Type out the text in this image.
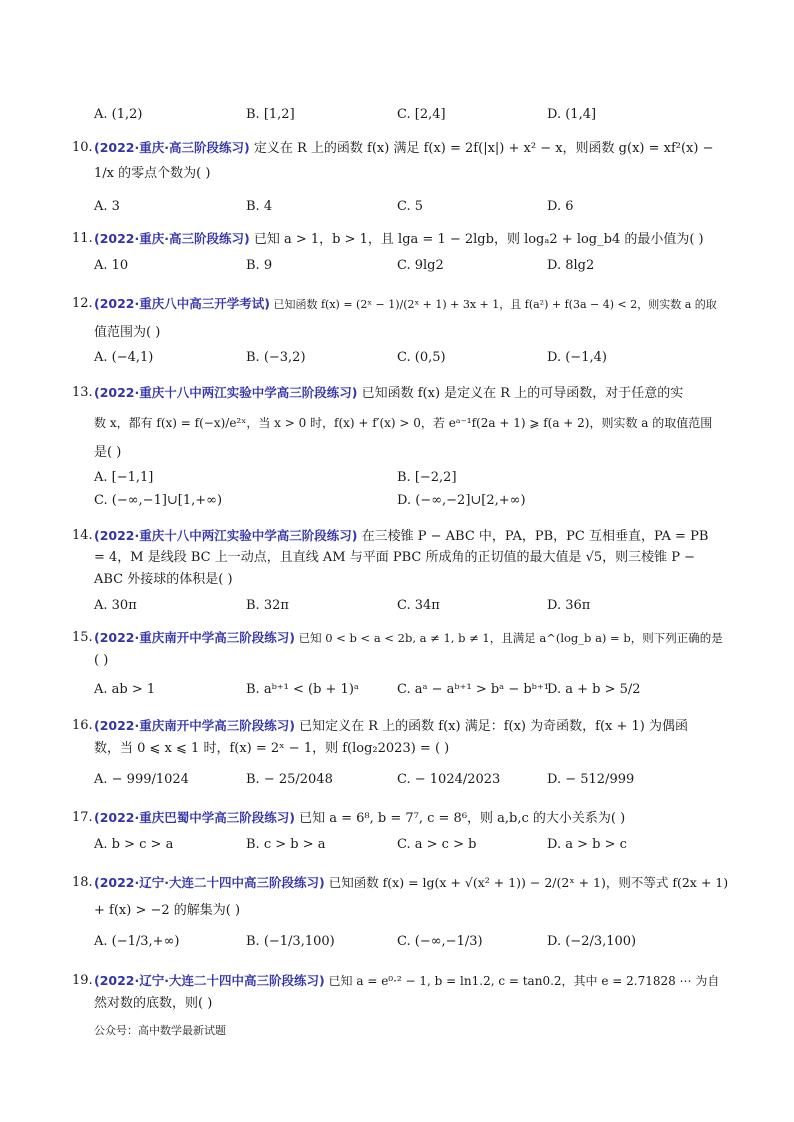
A. (1,2)	B. [1,2]	C. [2,4]	D. (1,4]
10. (2022·重庆·高三阶段练习) 定义在 R 上的函数 f(x) 满足 f(x) = 2f(|x|) + x² − x，则函数 g(x) = xf²(x) −
1/x 的零点个数为( )
A. 3	B. 4	C. 5	D. 6
11. (2022·重庆·高三阶段练习) 已知 a > 1，b > 1，且 lga = 1 − 2lgb，则 logₐ2 + log_b4 的最小值为( )
A. 10	B. 9	C. 9lg2	D. 8lg2
12. (2022·重庆八中高三开学考试) 已知函数 f(x) = (2ˣ − 1)/(2ˣ + 1) + 3x + 1，且 f(a²) + f(3a − 4) < 2，则实数 a 的取
值范围为( )
A. (−4,1)	B. (−3,2)	C. (0,5)	D. (−1,4)
13. (2022·重庆十八中两江实验中学高三阶段练习) 已知函数 f(x) 是定义在 R 上的可导函数，对于任意的实
数 x，都有 f(x) = f(−x)/e²ˣ，当 x > 0 时，f(x) + f′(x) > 0，若 eᵃ⁻¹f(2a + 1) ⩾ f(a + 2)，则实数 a 的取值范围
是( )
A. [−1,1]	B. [−2,2]
C. (−∞,−1]∪[1,+∞)	D. (−∞,−2]∪[2,+∞)
14. (2022·重庆十八中两江实验中学高三阶段练习) 在三棱锥 P − ABC 中，PA，PB，PC 互相垂直，PA = PB
= 4，M 是线段 BC 上一动点，且直线 AM 与平面 PBC 所成角的正切值的最大值是 √5，则三棱锥 P −
ABC 外接球的体积是( )
A. 30π	B. 32π	C. 34π	D. 36π
15. (2022·重庆南开中学高三阶段练习) 已知 0 < b < a < 2b, a ≠ 1, b ≠ 1，且满足 a^(log_b a) = b，则下列正确的是
( )
A. ab > 1	B. aᵇ⁺¹ < (b + 1)ᵃ	C. aᵃ − aᵇ⁺¹ > bᵃ − bᵇ⁺¹
D. a + b > 5/2
16. (2022·重庆南开中学高三阶段练习) 已知定义在 R 上的函数 f(x) 满足：f(x) 为奇函数，f(x + 1) 为偶函
数，当 0 ⩽ x ⩽ 1 时，f(x) = 2ˣ − 1，则 f(log₂2023) = ( )
A. − 999/1024	B. − 25/2048	C. − 1024/2023	D. − 512/999
17. (2022·重庆巴蜀中学高三阶段练习) 已知 a = 6⁸, b = 7⁷, c = 8⁶，则 a,b,c 的大小关系为( )
A. b > c > a	B. c > b > a	C. a > c > b	D. a > b > c
18. (2022·辽宁·大连二十四中高三阶段练习) 已知函数 f(x) = lg(x + √(x² + 1)) − 2/(2ˣ + 1)，则不等式 f(2x + 1)
+ f(x) > −2 的解集为( )
A. (−1/3,+∞)	B. (−1/3,100)	C. (−∞,−1/3)	D. (−2/3,100)
19. (2022·辽宁·大连二十四中高三阶段练习) 已知 a = e⁰·² − 1, b = ln1.2, c = tan0.2，其中 e = 2.71828 ⋯ 为自
然对数的底数，则( )
公众号：高中数学最新试题
